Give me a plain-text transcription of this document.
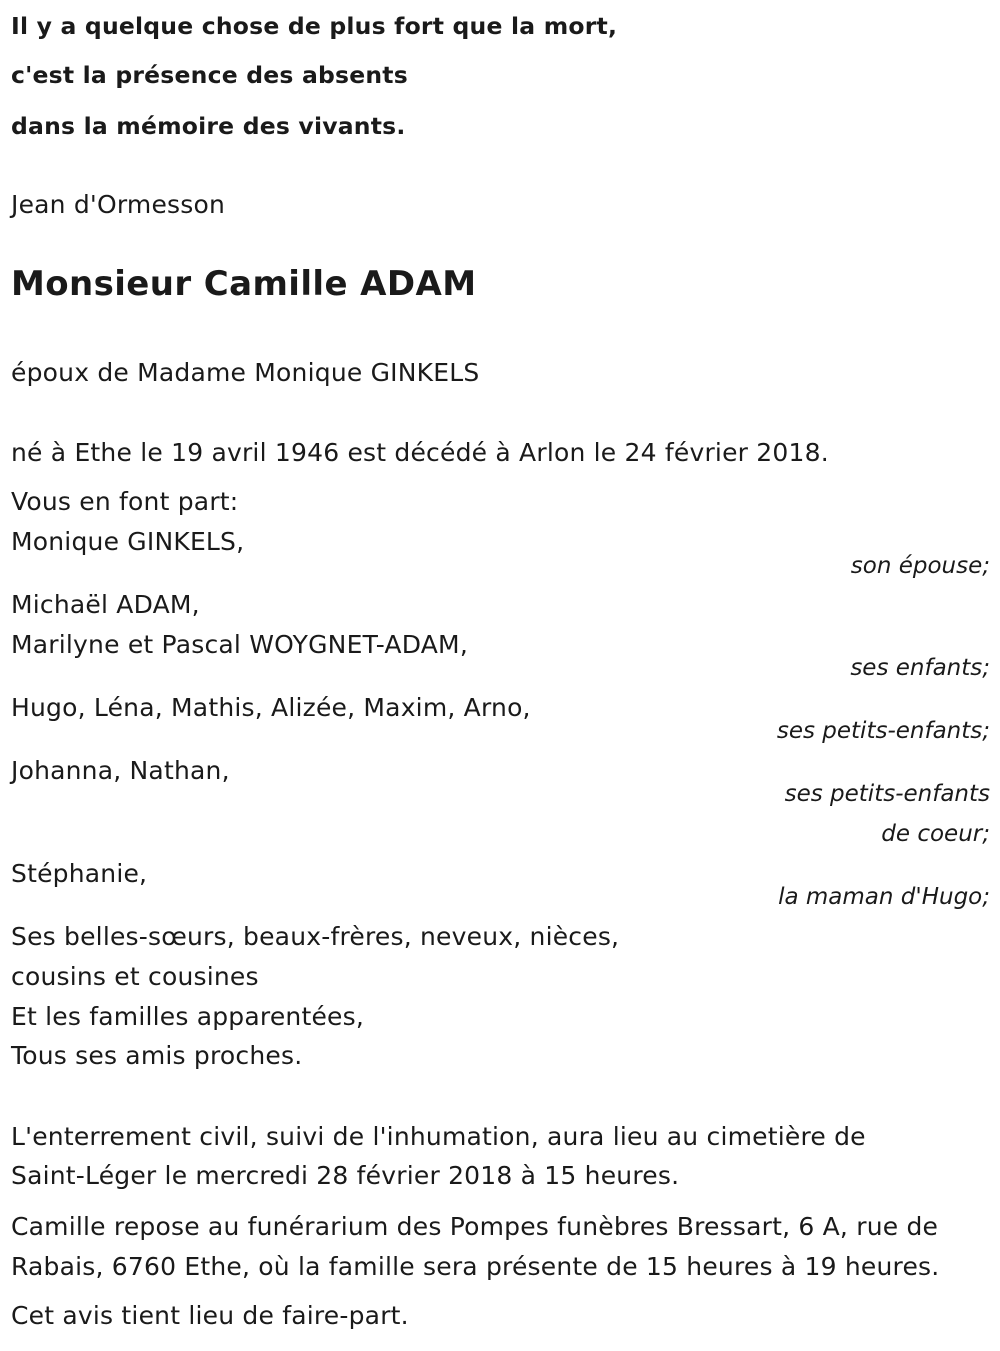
Il y a quelque chose de plus fort que la mort,
c'est la présence des absents
dans la mémoire des vivants.
Jean d'Ormesson
Monsieur Camille ADAM
époux de Madame Monique GINKELS
né à Ethe le 19 avril 1946 est décédé à Arlon le 24 février 2018.
Vous en font part:
Monique GINKELS,
son épouse;
Michaël ADAM,
Marilyne et Pascal WOYGNET-ADAM,
ses enfants;
Hugo, Léna, Mathis, Alizée, Maxim, Arno,
ses petits-enfants;
Johanna, Nathan,
ses petits-enfants
de coeur;
Stéphanie,
la maman d'Hugo;
Ses belles-sœurs, beaux-frères, neveux, nièces,
cousins et cousines
Et les familles apparentées,
Tous ses amis proches.
L'enterrement civil, suivi de l'inhumation, aura lieu au cimetière de
Saint-Léger le mercredi 28 février 2018 à 15 heures.
Camille repose au funérarium des Pompes funèbres Bressart, 6 A, rue de
Rabais, 6760 Ethe, où la famille sera présente de 15 heures à 19 heures.
Cet avis tient lieu de faire-part.
